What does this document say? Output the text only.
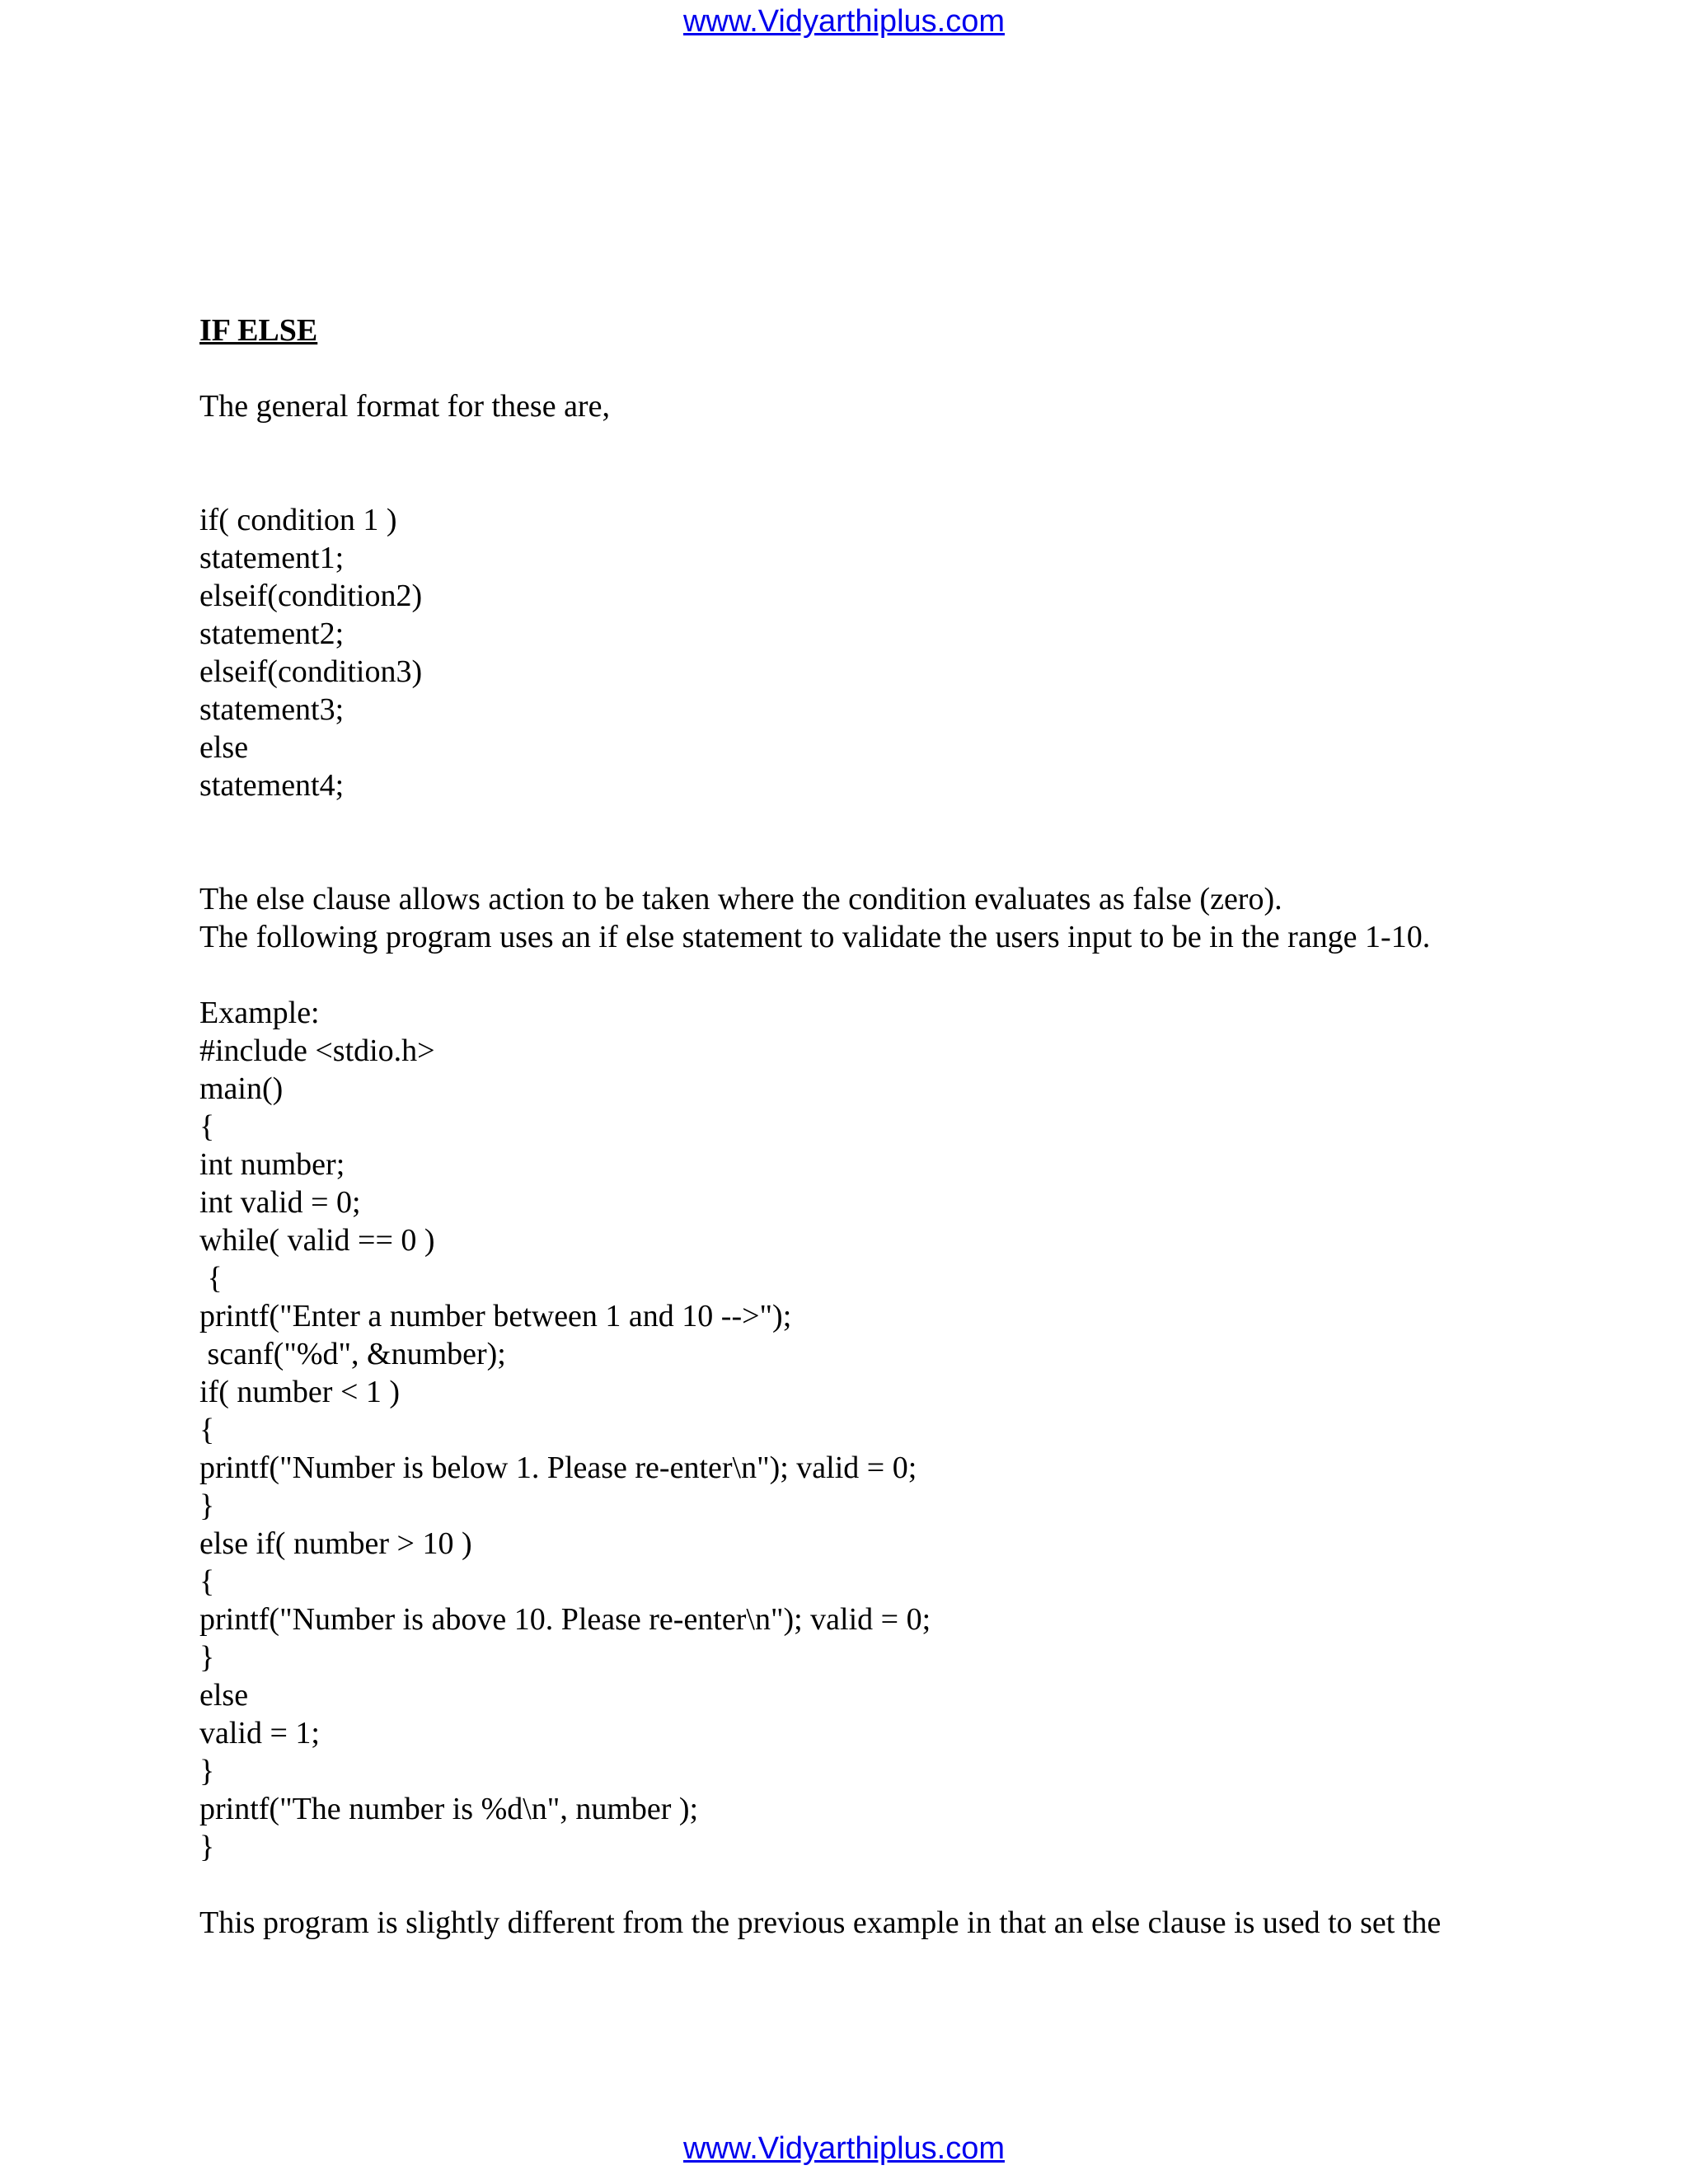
www.Vidyarthiplus.com

IF ELSE

The general format for these are,

if( condition 1 )
statement1;
elseif(condition2)
statement2;
elseif(condition3)
statement3;
else
statement4;
The else clause allows action to be taken where the condition evaluates as false (zero).
The following program uses an if else statement to validate the users input to be in the range 1-10.
Example:
#include <stdio.h>
main()
{
int number;
int valid = 0;
while( valid == 0 )
{
printf("Enter a number between 1 and 10 -->");
scanf("%d", &number);
if( number < 1 )
{
printf("Number is below 1. Please re-enter\n"); valid = 0;
}
else if( number > 10 )
{
printf("Number is above 10. Please re-enter\n"); valid = 0;
}
else
valid = 1;
}
printf("The number is %d\n", number );
}

This program is slightly different from the previous example in that an else clause is used to set the

www.Vidyarthiplus.com
